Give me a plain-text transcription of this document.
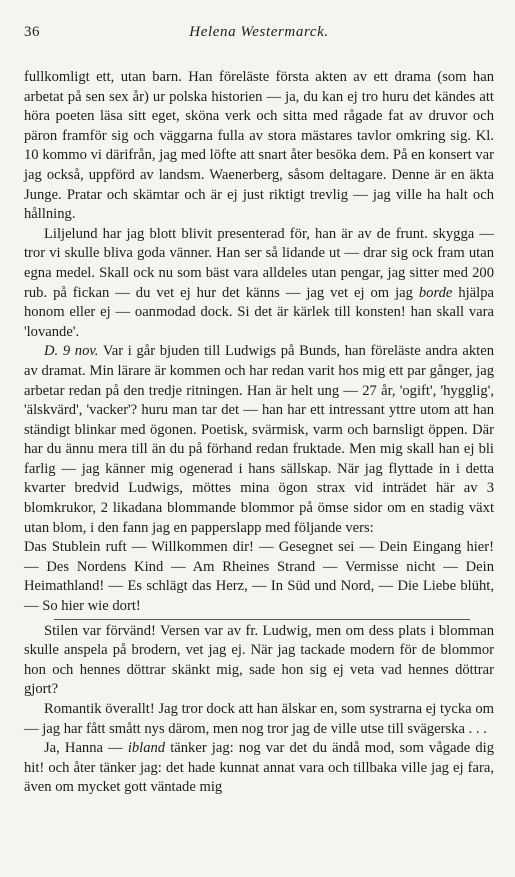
36	Helena Westermarck.

fullkomligt ett, utan barn. Han föreläste första akten av ett drama (som han arbetat på sen sex år) ur polska historien — ja, du kan ej tro huru det kändes att höra poeten läsa sitt eget, sköna verk och sitta med rågade fat av druvor och päron framför sig och väggarna fulla av stora mästares tavlor omkring sig. Kl. 10 kommo vi därifrån, jag med löfte att snart åter besöka dem. På en konsert var jag också, uppförd av landsm. Waenerberg, såsom deltagare. Denne är en äkta Junge. Pratar och skämtar och är ej just riktigt trevlig — jag ville ha halt och hållning.

Liljelund har jag blott blivit presenterad för, han är av de frunt. skygga — tror vi skulle bliva goda vänner. Han ser så lidande ut — drar sig ock fram utan egna medel. Skall ock nu som bäst vara alldeles utan pengar, jag sitter med 200 rub. på fickan — du vet ej hur det känns — jag vet ej om jag borde hjälpa honom eller ej — oanmodad dock. Si det är kärlek till konsten! han skall vara 'lovande'.

D. 9 nov. Var i går bjuden till Ludwigs på Bunds, han föreläste andra akten av dramat. Min lärare är kommen och har redan varit hos mig ett par gånger, jag arbetar redan på den tredje ritningen. Han är helt ung — 27 år, 'ogift', 'hygglig', 'älskvärd', 'vacker'? huru man tar det — han har ett intressant yttre utom att han ständigt blinkar med ögonen. Poetisk, svärmisk, varm och barnsligt öppen. Där har du ännu mera till än du på förhand redan fruktade. Men mig skall han ej bli farlig — jag känner mig ogenerad i hans sällskap. När jag flyttade in i detta kvarter bredvid Ludwigs, möttes mina ögon strax vid inträdet här av 3 blomkrukor, 2 likadana blommande blommor på ömse sidor om en stadig växt utan blom, i den fann jag en papperslapp med följande vers:

Das Stublein ruft — Willkommen dir! — Gesegnet sei — Dein Eingang hier! — Des Nordens Kind — Am Rheines Strand — Vermisse nicht — Dein Heimathland! — Es schlägt das Herz, — In Süd und Nord, — Die Liebe blüht, — So hier wie dort!

Stilen var förvänd! Versen var av fr. Ludwig, men om dess plats i blomman skulle anspela på brodern, vet jag ej. När jag tackade modern för de blommor hon och hennes döttrar skänkt mig, sade hon sig ej veta vad hennes döttrar gjort?

Romantik överallt! Jag tror dock att han älskar en, som systrarna ej tycka om — jag har fått smått nys därom, men nog tror jag de ville utse till svägerska . . .

Ja, Hanna — ibland tänker jag: nog var det du ändå mod, som vågade dig hit! och åter tänker jag: det hade kunnat annat vara och tillbaka ville jag ej fara, även om mycket gott väntade mig
